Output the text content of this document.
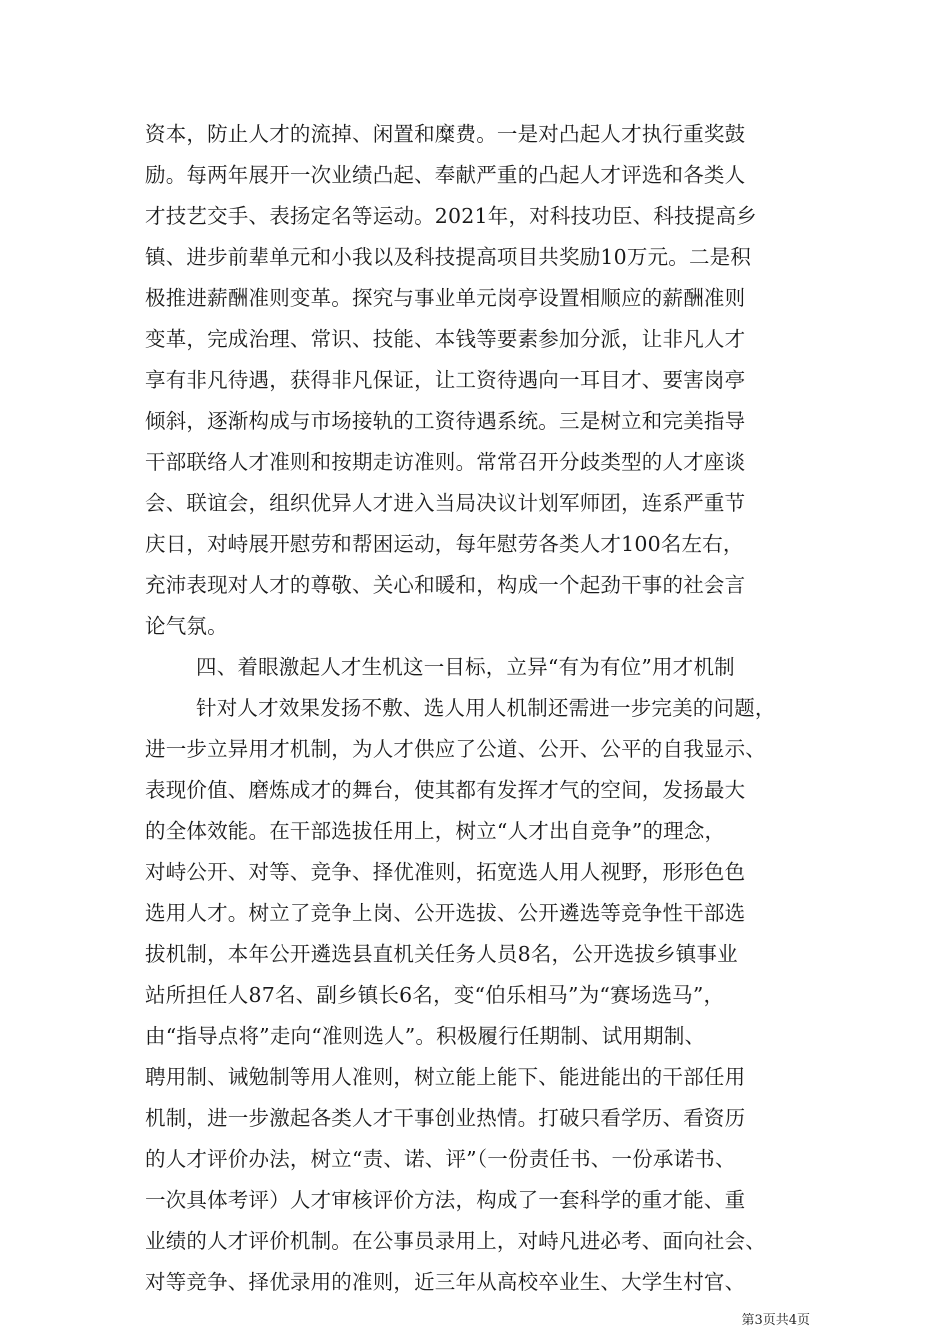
资本，防止人才的流掉、闲置和糜费。一是对凸起人才执行重奖鼓
励。每两年展开一次业绩凸起、奉献严重的凸起人才评选和各类人
才技艺交手、表扬定名等运动。2021年，对科技功臣、科技提高乡
镇、进步前辈单元和小我以及科技提高项目共奖励10万元。二是积
极推进薪酬准则变革。探究与事业单元岗亭设置相顺应的薪酬准则
变革，完成治理、常识、技能、本钱等要素参加分派，让非凡人才
享有非凡待遇，获得非凡保证，让工资待遇向一耳目才、要害岗亭
倾斜，逐渐构成与市场接轨的工资待遇系统。三是树立和完美指导
干部联络人才准则和按期走访准则。常常召开分歧类型的人才座谈
会、联谊会，组织优异人才进入当局决议计划军师团，连系严重节
庆日，对峙展开慰劳和帮困运动，每年慰劳各类人才100名左右，
充沛表现对人才的尊敬、关心和暖和，构成一个起劲干事的社会言
论气氛。
四、着眼激起人才生机这一目标，立异“有为有位”用才机制
针对人才效果发扬不敷、选人用人机制还需进一步完美的问题，
进一步立异用才机制，为人才供应了公道、公开、公平的自我显示、
表现价值、磨炼成才的舞台，使其都有发挥才气的空间，发扬最大
的全体效能。在干部选拔任用上，树立“人才出自竞争”的理念，
对峙公开、对等、竞争、择优准则，拓宽选人用人视野，形形色色
选用人才。树立了竞争上岗、公开选拔、公开遴选等竞争性干部选
拔机制，本年公开遴选县直机关任务人员8名，公开选拔乡镇事业
站所担任人87名、副乡镇长6名，变“伯乐相马”为“赛场选马”，
由“指导点将”走向“准则选人”。积极履行任期制、试用期制、
聘用制、诫勉制等用人准则，树立能上能下、能进能出的干部任用
机制，进一步激起各类人才干事创业热情。打破只看学历、看资历
的人才评价办法，树立“责、诺、评”（一份责任书、一份承诺书、
一次具体考评）人才审核评价方法，构成了一套科学的重才能、重
业绩的人才评价机制。在公事员录用上，对峙凡进必考、面向社会、
对等竞争、择优录用的准则，近三年从高校卒业生、大学生村官、
第3页共4页
